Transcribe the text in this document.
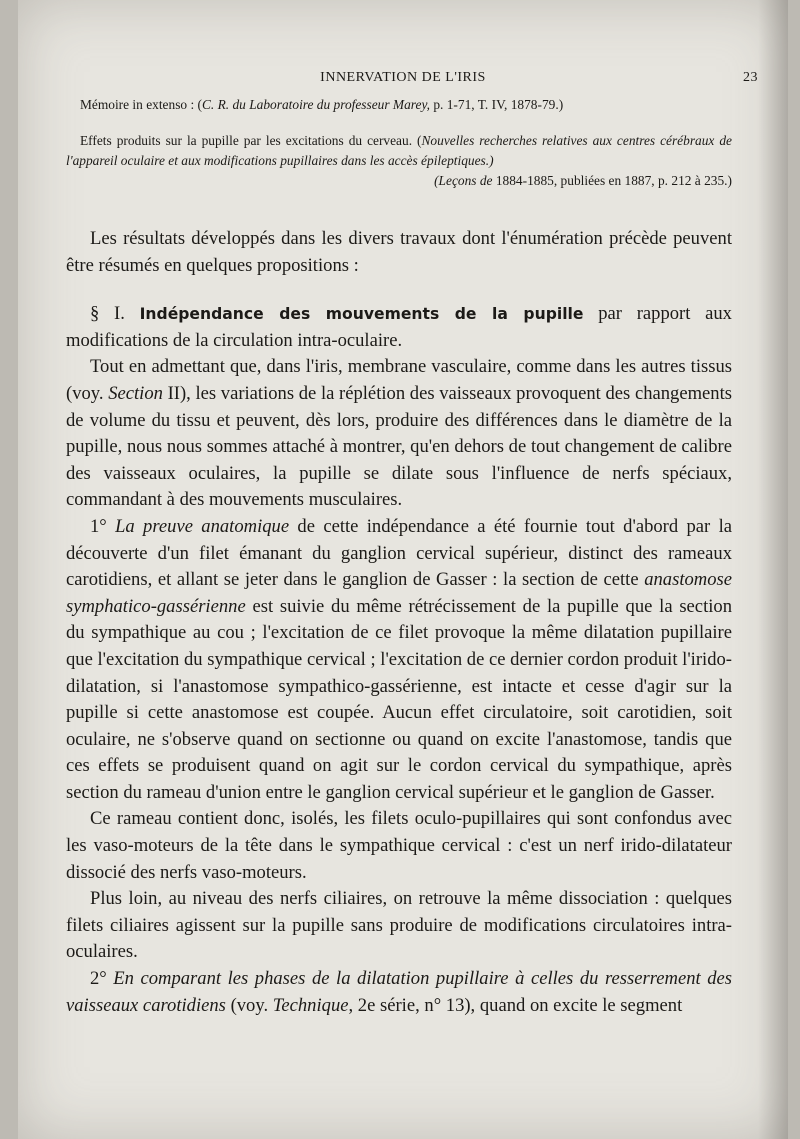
INNERVATION DE L'IRIS	23

Mémoire in extenso : (C. R. du Laboratoire du professeur Marey, p. 1-71, T. IV, 1878-79.)

Effets produits sur la pupille par les excitations du cerveau. (Nouvelles recherches relatives aux centres cérébraux de l'appareil oculaire et aux modifications pupillaires dans les accès épileptiques.)
(Leçons de 1884-1885, publiées en 1887, p. 212 à 235.)

Les résultats développés dans les divers travaux dont l'énumération précède peuvent être résumés en quelques propositions :

§ I. Indépendance des mouvements de la pupille par rapport aux modifications de la circulation intra-oculaire.

Tout en admettant que, dans l'iris, membrane vasculaire, comme dans les autres tissus (voy. Section II), les variations de la réplétion des vaisseaux provoquent des changements de volume du tissu et peuvent, dès lors, produire des différences dans le diamètre de la pupille, nous nous sommes attaché à montrer, qu'en dehors de tout changement de calibre des vaisseaux oculaires, la pupille se dilate sous l'influence de nerfs spéciaux, commandant à des mouvements musculaires.

1° La preuve anatomique de cette indépendance a été fournie tout d'abord par la découverte d'un filet émanant du ganglion cervical supérieur, distinct des rameaux carotidiens, et allant se jeter dans le ganglion de Gasser : la section de cette anastomose symphatico-gassérienne est suivie du même rétrécissement de la pupille que la section du sympathique au cou ; l'excitation de ce filet provoque la même dilatation pupillaire que l'excitation du sympathique cervical ; l'excitation de ce dernier cordon produit l'irido-dilatation, si l'anastomose sympathico-gassérienne, est intacte et cesse d'agir sur la pupille si cette anastomose est coupée. Aucun effet circulatoire, soit carotidien, soit oculaire, ne s'observe quand on sectionne ou quand on excite l'anastomose, tandis que ces effets se produisent quand on agit sur le cordon cervical du sympathique, après section du rameau d'union entre le ganglion cervical supérieur et le ganglion de Gasser.

Ce rameau contient donc, isolés, les filets oculo-pupillaires qui sont confondus avec les vaso-moteurs de la tête dans le sympathique cervical : c'est un nerf irido-dilatateur dissocié des nerfs vaso-moteurs.

Plus loin, au niveau des nerfs ciliaires, on retrouve la même dissociation : quelques filets ciliaires agissent sur la pupille sans produire de modifications circulatoires intra-oculaires.

2° En comparant les phases de la dilatation pupillaire à celles du resserrement des vaisseaux carotidiens (voy. Technique, 2e série, n° 13), quand on excite le segment
